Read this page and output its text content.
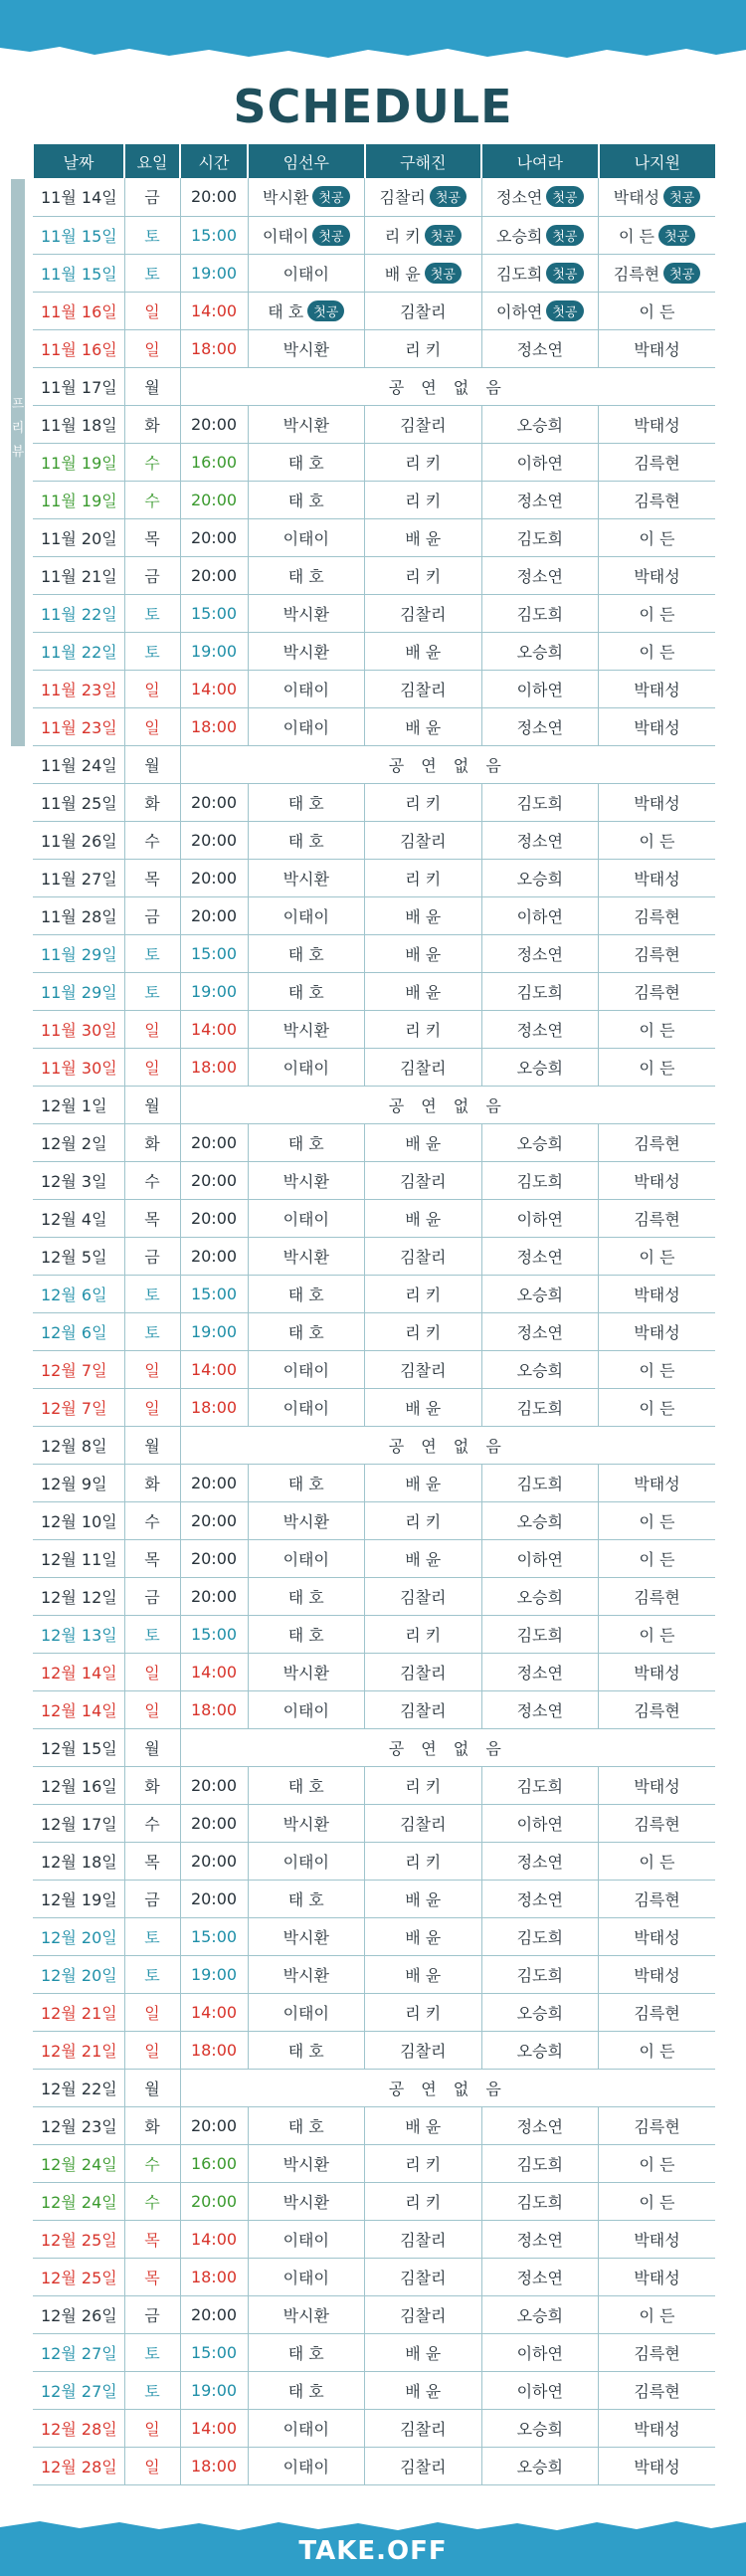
SCHEDULE
프
리
뷰
날짜	요일	시간	임선우	구해진	나여라	나지원
11월 14일	금	20:00	박시환 첫공	김찰리 첫공	정소연 첫공	박태성 첫공
11월 15일	토	15:00	이태이 첫공	리 키 첫공	오승희 첫공	이 든 첫공
11월 15일	토	19:00	이태이	배 윤 첫공	김도희 첫공	김륵현 첫공
11월 16일	일	14:00	태 호 첫공	김찰리	이하연 첫공	이 든
11월 16일	일	18:00	박시환	리 키	정소연	박태성
11월 17일	월	공 연 없 음				
11월 18일	화	20:00	박시환	김찰리	오승희	박태성
11월 19일	수	16:00	태 호	리 키	이하연	김륵현
11월 19일	수	20:00	태 호	리 키	정소연	김륵현
11월 20일	목	20:00	이태이	배 윤	김도희	이 든
11월 21일	금	20:00	태 호	리 키	정소연	박태성
11월 22일	토	15:00	박시환	김찰리	김도희	이 든
11월 22일	토	19:00	박시환	배 윤	오승희	이 든
11월 23일	일	14:00	이태이	김찰리	이하연	박태성
11월 23일	일	18:00	이태이	배 윤	정소연	박태성
11월 24일	월	공 연 없 음				
11월 25일	화	20:00	태 호	리 키	김도희	박태성
11월 26일	수	20:00	태 호	김찰리	정소연	이 든
11월 27일	목	20:00	박시환	리 키	오승희	박태성
11월 28일	금	20:00	이태이	배 윤	이하연	김륵현
11월 29일	토	15:00	태 호	배 윤	정소연	김륵현
11월 29일	토	19:00	태 호	배 윤	김도희	김륵현
11월 30일	일	14:00	박시환	리 키	정소연	이 든
11월 30일	일	18:00	이태이	김찰리	오승희	이 든
12월 1일	월	공 연 없 음				
12월 2일	화	20:00	태 호	배 윤	오승희	김륵현
12월 3일	수	20:00	박시환	김찰리	김도희	박태성
12월 4일	목	20:00	이태이	배 윤	이하연	김륵현
12월 5일	금	20:00	박시환	김찰리	정소연	이 든
12월 6일	토	15:00	태 호	리 키	오승희	박태성
12월 6일	토	19:00	태 호	리 키	정소연	박태성
12월 7일	일	14:00	이태이	김찰리	오승희	이 든
12월 7일	일	18:00	이태이	배 윤	김도희	이 든
12월 8일	월	공 연 없 음				
12월 9일	화	20:00	태 호	배 윤	김도희	박태성
12월 10일	수	20:00	박시환	리 키	오승희	이 든
12월 11일	목	20:00	이태이	배 윤	이하연	이 든
12월 12일	금	20:00	태 호	김찰리	오승희	김륵현
12월 13일	토	15:00	태 호	리 키	김도희	이 든
12월 14일	일	14:00	박시환	김찰리	정소연	박태성
12월 14일	일	18:00	이태이	김찰리	정소연	김륵현
12월 15일	월	공 연 없 음				
12월 16일	화	20:00	태 호	리 키	김도희	박태성
12월 17일	수	20:00	박시환	김찰리	이하연	김륵현
12월 18일	목	20:00	이태이	리 키	정소연	이 든
12월 19일	금	20:00	태 호	배 윤	정소연	김륵현
12월 20일	토	15:00	박시환	배 윤	김도희	박태성
12월 20일	토	19:00	박시환	배 윤	김도희	박태성
12월 21일	일	14:00	이태이	리 키	오승희	김륵현
12월 21일	일	18:00	태 호	김찰리	오승희	이 든
12월 22일	월	공 연 없 음				
12월 23일	화	20:00	태 호	배 윤	정소연	김륵현
12월 24일	수	16:00	박시환	리 키	김도희	이 든
12월 24일	수	20:00	박시환	리 키	김도희	이 든
12월 25일	목	14:00	이태이	김찰리	정소연	박태성
12월 25일	목	18:00	이태이	김찰리	정소연	박태성
12월 26일	금	20:00	박시환	김찰리	오승희	이 든
12월 27일	토	15:00	태 호	배 윤	이하연	김륵현
12월 27일	토	19:00	태 호	배 윤	이하연	김륵현
12월 28일	일	14:00	이태이	김찰리	오승희	박태성
12월 28일	일	18:00	이태이	김찰리	오승희	박태성
TAKE.OFF
